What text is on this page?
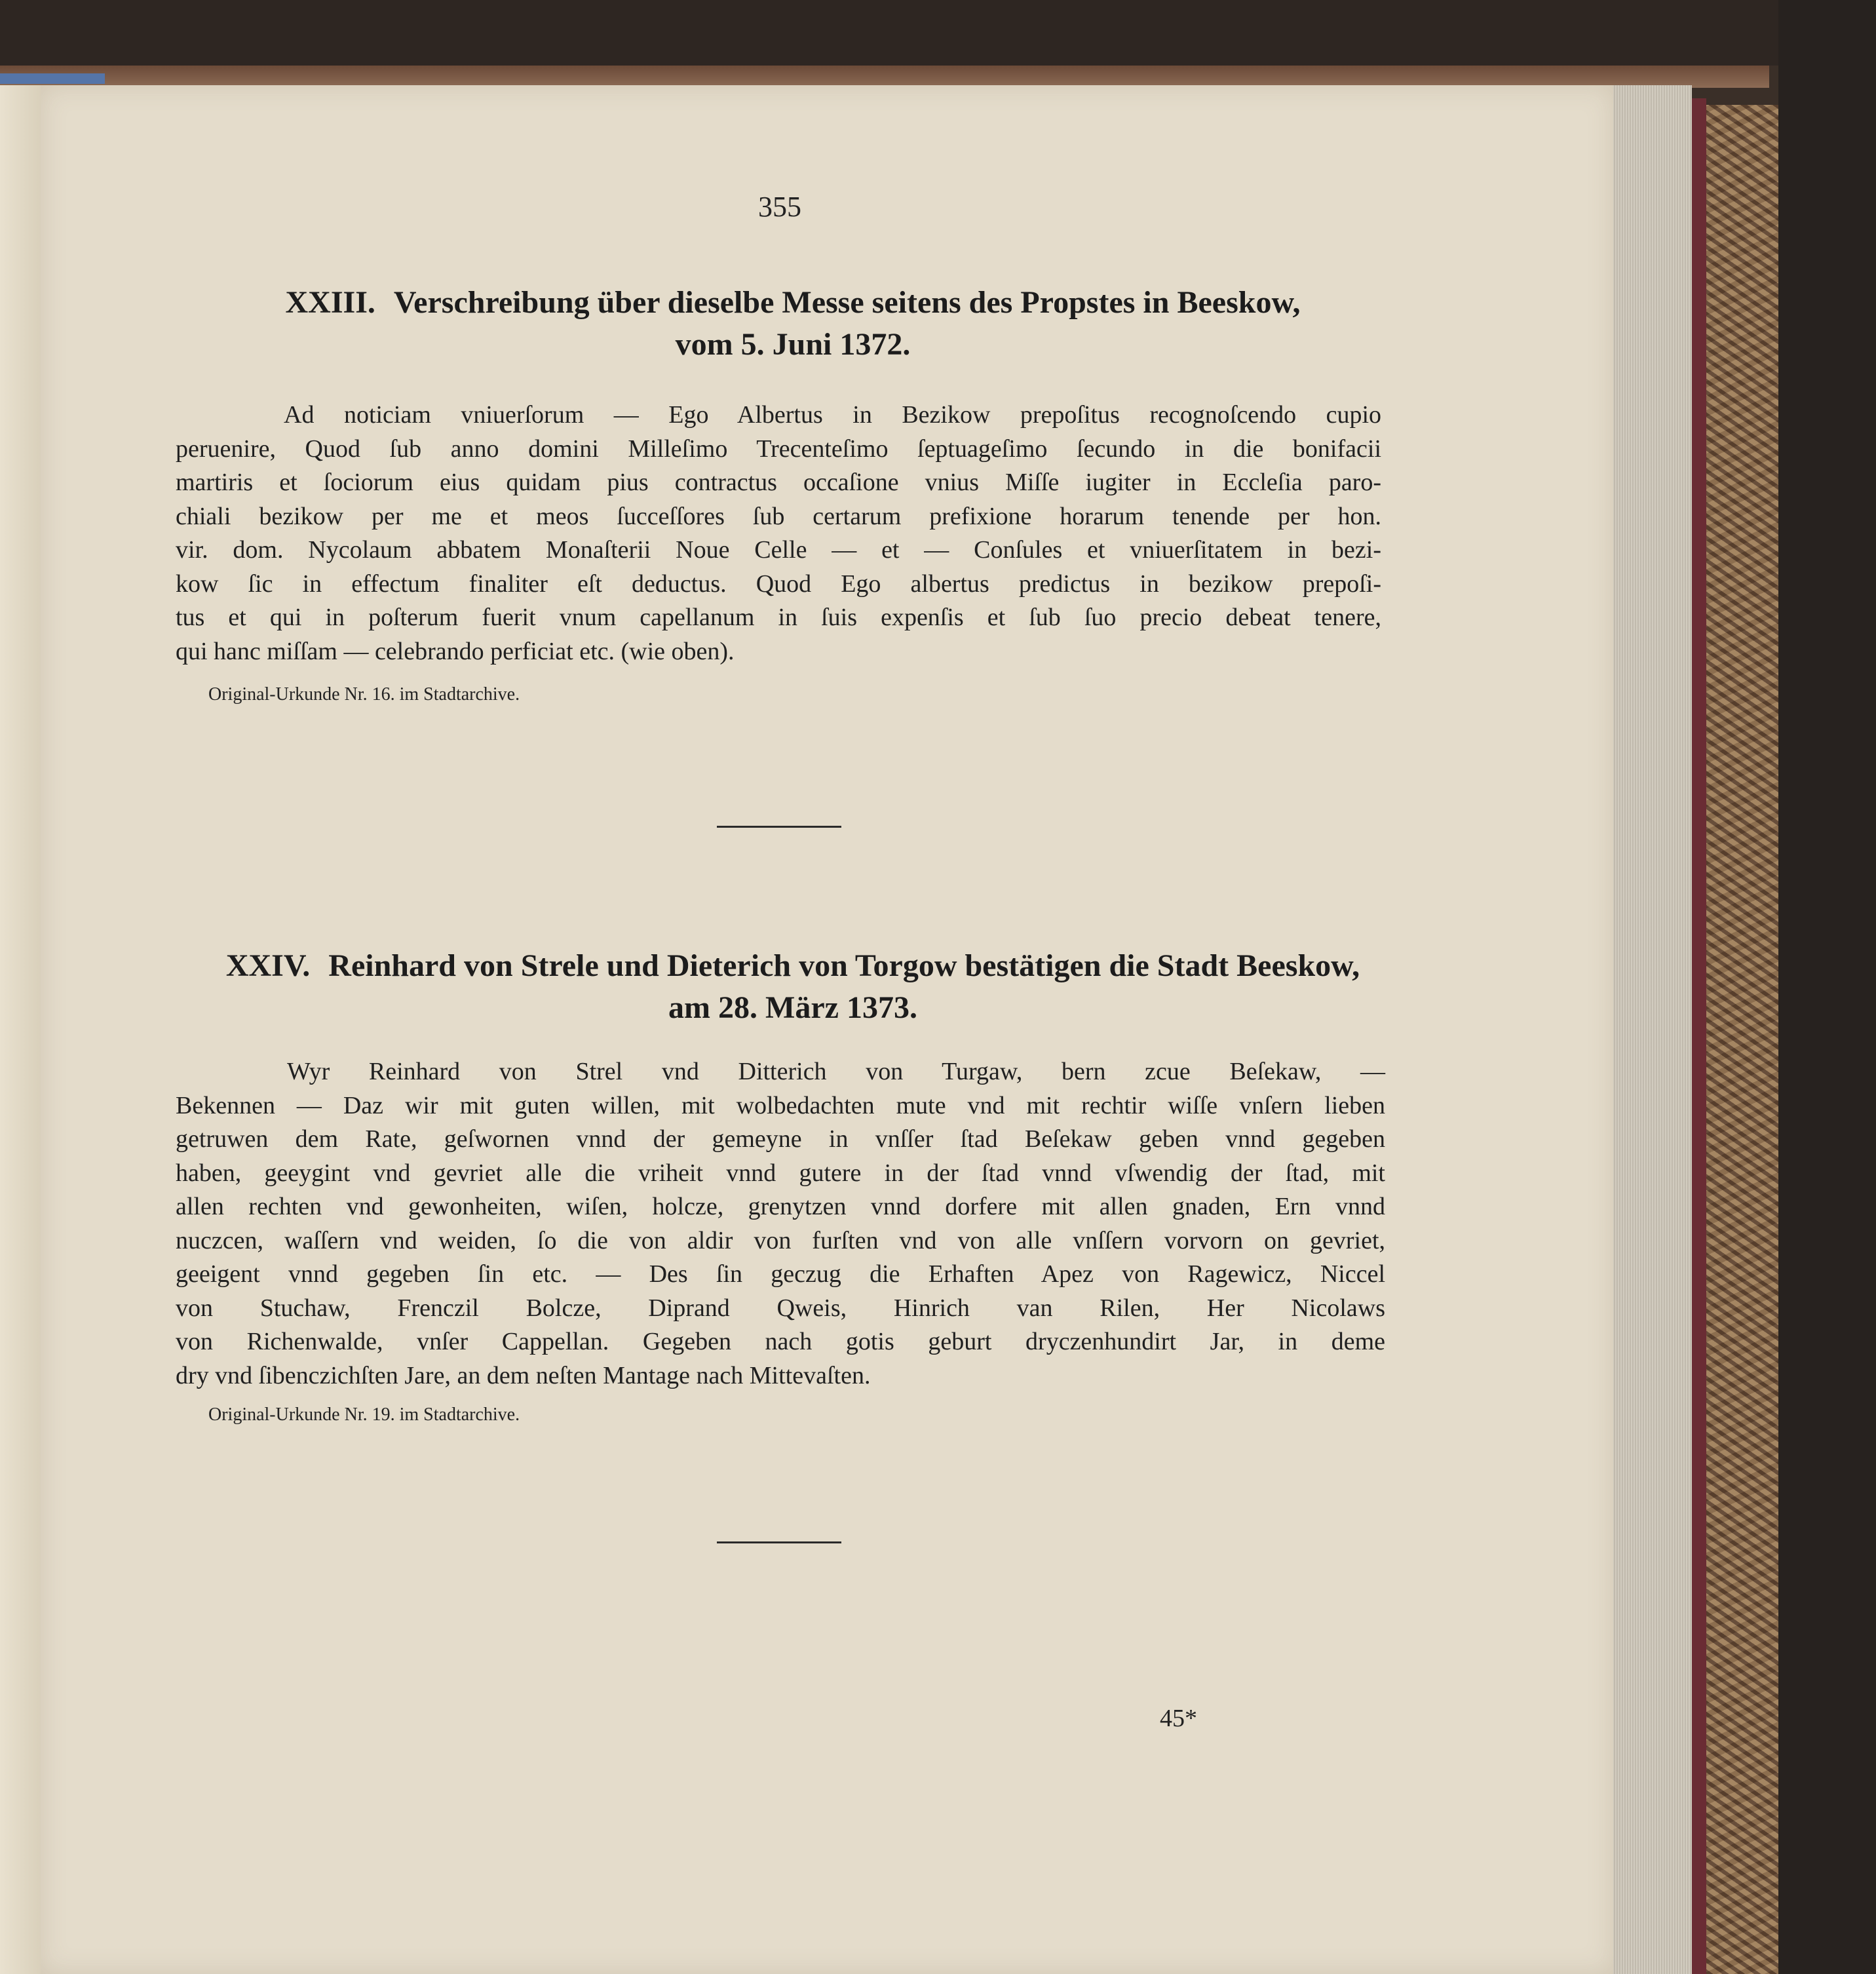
355
XXIII. Verschreibung über dieselbe Messe seitens des Propstes in Beeskow,
vom 5. Juni 1372.
Ad noticiam vniuerſorum — Ego Albertus in Bezikow prepoſitus recognoſcendo cupio
peruenire, Quod ſub anno domini Milleſimo Trecenteſimo ſeptuageſimo ſecundo in die bonifacii
martiris et ſociorum eius quidam pius contractus occaſione vnius Miſſe iugiter in Eccleſia paro-
chiali bezikow per me et meos ſucceſſores ſub certarum prefixione horarum tenende per hon.
vir. dom. Nycolaum abbatem Monaſterii Noue Celle — et — Conſules et vniuerſitatem in bezi-
kow ſic in effectum finaliter eſt deductus. Quod Ego albertus predictus in bezikow prepoſi-
tus et qui in poſterum fuerit vnum capellanum in ſuis expenſis et ſub ſuo precio debeat tenere,
qui hanc miſſam — celebrando perficiat etc. (wie oben).
Original-Urkunde Nr. 16. im Stadtarchive.
XXIV. Reinhard von Strele und Dieterich von Torgow bestätigen die Stadt Beeskow,
am 28. März 1373.
Wyr Reinhard von Strel vnd Ditterich von Turgaw, bern zcue Beſekaw, —
Bekennen — Daz wir mit guten willen, mit wolbedachten mute vnd mit rechtir wiſſe vnſern lieben
getruwen dem Rate, geſwornen vnnd der gemeyne in vnſſer ſtad Beſekaw geben vnnd gegeben
haben, geeygint vnd gevriet alle die vriheit vnnd gutere in der ſtad vnnd vſwendig der ſtad, mit
allen rechten vnd gewonheiten, wiſen, holcze, grenytzen vnnd dorfere mit allen gnaden, Ern vnnd
nuczcen, waſſern vnd weiden, ſo die von aldir von furſten vnd von alle vnſſern vorvorn on gevriet,
geeigent vnnd gegeben ſin etc. — Des ſin geczug die Erhaften Apez von Ragewicz, Niccel
von Stuchaw, Frenczil Bolcze, Diprand Qweis, Hinrich van Rilen, Her Nicolaws
von Richenwalde, vnſer Cappellan. Gegeben nach gotis geburt dryczenhundirt Jar, in deme
dry vnd ſibenczichſten Jare, an dem neſten Mantage nach Mittevaſten.
Original-Urkunde Nr. 19. im Stadtarchive.
45*
